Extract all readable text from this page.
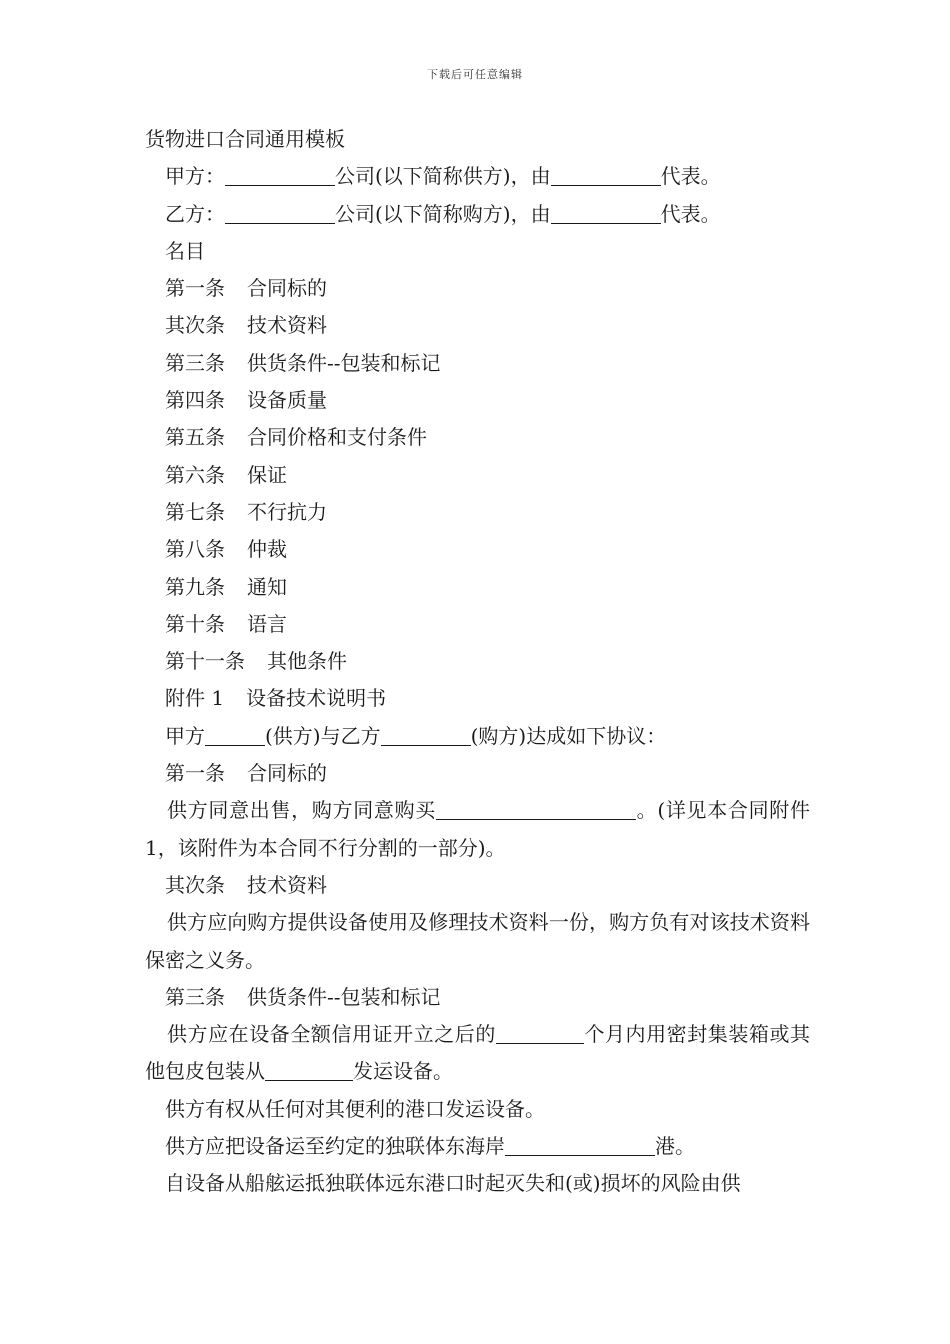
下载后可任意编辑

货物进口合同通用模板

甲方：	公司(以下简称供方)，由	代表。

乙方：	公司(以下简称购方)，由	代表。

名目

第一条 合同标的

其次条 技术资料

第三条 供货条件--包装和标记

第四条 设备质量

第五条 合同价格和支付条件

第六条 保证

第七条 不行抗力

第八条 仲裁

第九条 通知

第十条 语言

第十一条 其他条件

附件 1 设备技术说明书

甲方	(供方)与乙方	(购方)达成如下协议：

第一条 合同标的

供方同意出售，购方同意购买	。(详见本合同附件 1，该附件为本合同不行分割的一部分)。

其次条 技术资料

供方应向购方提供设备使用及修理技术资料一份，购方负有对该技术资料保密之义务。

第三条 供货条件--包装和标记

供方应在设备全额信用证开立之后的	个月内用密封集装箱或其他包皮包装从	发运设备。

供方有权从任何对其便利的港口发运设备。

供方应把设备运至约定的独联体东海岸	港。

自设备从船舷运抵独联体远东港口时起灭失和(或)损坏的风险由供
